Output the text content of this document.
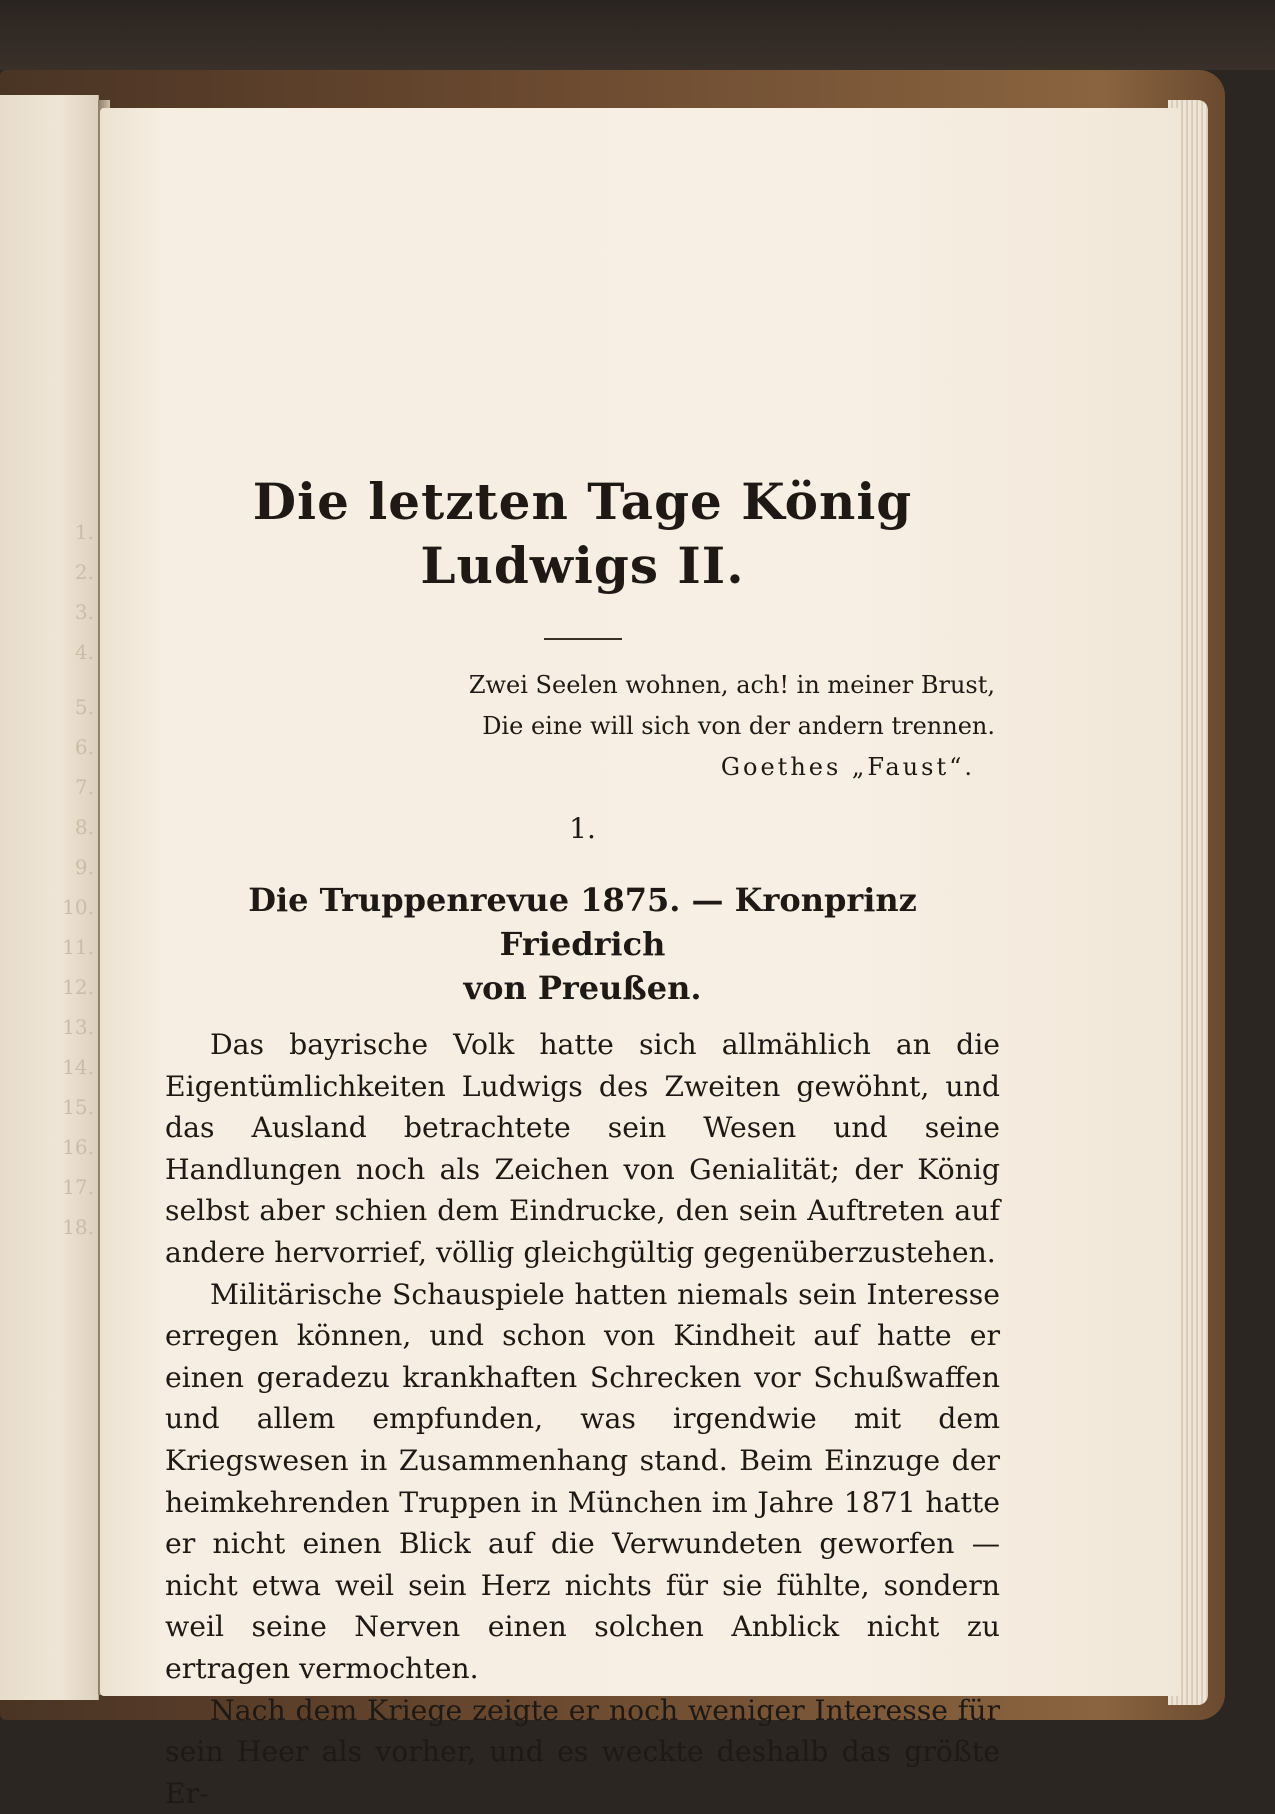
1.
2.
3.
4.
5.
6.
7.
8.
9.
10.
11.
12.
13.
14.
15.
16.
17.
18.
Die letzten Tage König Ludwigs II.
Zwei Seelen wohnen, ach! in meiner Brust,
Die eine will sich von der andern trennen.
Goethes „Faust“.
1.
Die Truppenrevue 1875. — Kronprinz Friedrich
von Preußen.

Das bayrische Volk hatte sich allmählich an die Eigentümlichkeiten Ludwigs des Zweiten gewöhnt, und das Ausland betrachtete sein Wesen und seine Handlungen noch als Zeichen von Genialität; der König selbst aber schien dem Eindrucke, den sein Auftreten auf andere hervorrief, völlig gleichgültig gegenüberzustehen.

Militärische Schauspiele hatten niemals sein Interesse erregen können, und schon von Kindheit auf hatte er einen geradezu krankhaften Schrecken vor Schußwaffen und allem empfunden, was irgendwie mit dem Kriegswesen in Zusammenhang stand. Beim Einzuge der heimkehrenden Truppen in München im Jahre 1871 hatte er nicht einen Blick auf die Verwundeten geworfen — nicht etwa weil sein Herz nichts für sie fühlte, sondern weil seine Nerven einen solchen Anblick nicht zu ertragen vermochten.

Nach dem Kriege zeigte er noch weniger Interesse für sein Heer als vorher, und es weckte deshalb das größte Er-
